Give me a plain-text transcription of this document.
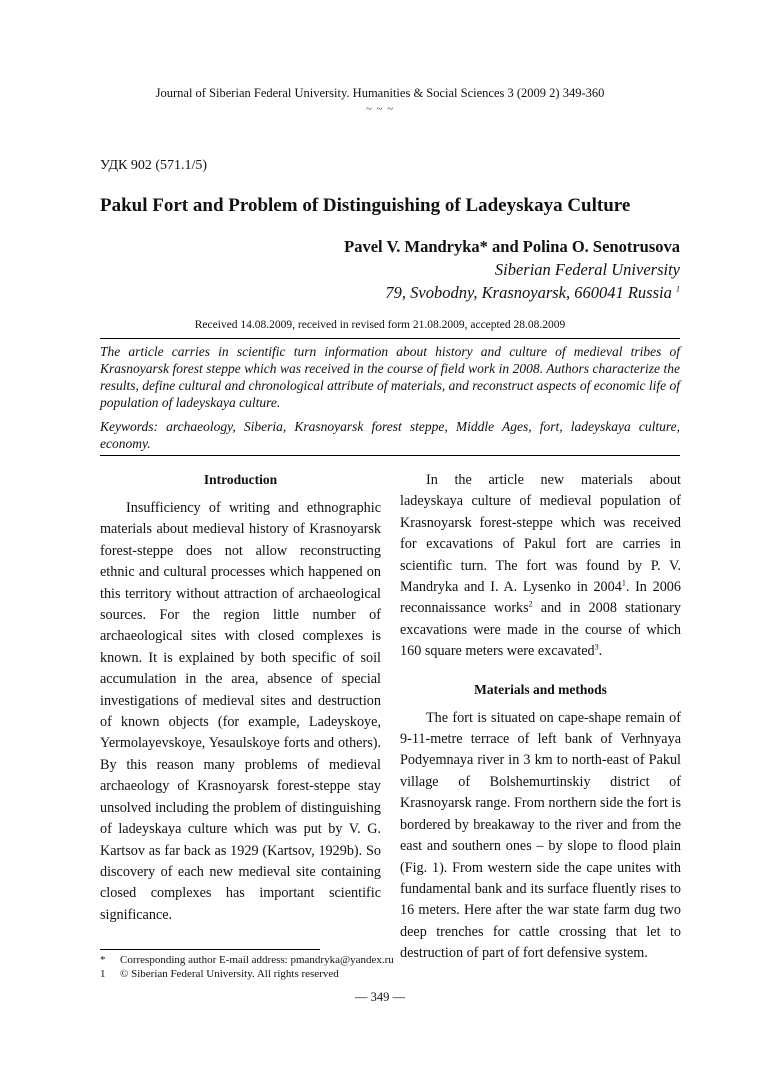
Journal of Siberian Federal University. Humanities & Social Sciences 3 (2009 2) 349-360
~ ~ ~
УДК 902 (571.1/5)
Pakul Fort and Problem of Distinguishing of Ladeyskaya Culture
Pavel V. Mandryka* and Polina O. Senotrusova
Siberian Federal University
79, Svobodny, Krasnoyarsk, 660041 Russia $^1$
Received 14.08.2009, received in revised form 21.08.2009, accepted 28.08.2009
The article carries in scientific turn information about history and culture of medieval tribes of Krasnoyarsk forest steppe which was received in the course of field work in 2008. Authors characterize the results, define cultural and chronological attribute of materials, and reconstruct aspects of economic life of population of ladeyskaya culture.
Keywords: archaeology, Siberia, Krasnoyarsk forest steppe, Middle Ages, fort, ladeyskaya culture, economy.
Introduction

Insufficiency of writing and ethnographic materials about medieval history of Krasnoyarsk forest-steppe does not allow reconstructing ethnic and cultural processes which happened on this territory without attraction of archaeological sources. For the region little number of archaeological sites with closed complexes is known. It is explained by both specific of soil accumulation in the area, absence of special investigations of medieval sites and destruction of known objects (for example, Ladeyskoye, Yermolayevskoye, Yesaulskoye forts and others). By this reason many problems of medieval archaeology of Krasnoyarsk forest-steppe stay unsolved including the problem of distinguishing of ladeyskaya culture which was put by V. G. Kartsov as far back as 1929 (Kartsov, 1929b). So discovery of each new medieval site containing closed complexes has important scientific significance.

In the article new materials about ladeyskaya culture of medieval population of Krasnoyarsk forest-steppe which was received for excavations of Pakul fort are carries in scientific turn. The fort was found by P. V. Mandryka and I. A. Lysenko in 2004$^1$. In 2006 reconnaissance works$^2$ and in 2008 stationary excavations were made in the course of which 160 square meters were excavated$^3$.

Materials and methods

The fort is situated on cape-shape remain of 9-11-metre terrace of left bank of Verhnyaya Podyemnaya river in 3 km to north-east of Pakul village of Bolshemurtinskiy district of Krasnoyarsk range. From northern side the fort is bordered by breakaway to the river and from the east and southern ones – by slope to flood plain (Fig. 1). From western side the cape unites with fundamental bank and its surface fluently rises to 16 meters. Here after the war state farm dug two deep trenches for cattle crossing that let to destruction of part of fort defensive system.

* Corresponding author E-mail address: pmandryka@yandex.ru
1 © Siberian Federal University. All rights reserved
— 349 —
